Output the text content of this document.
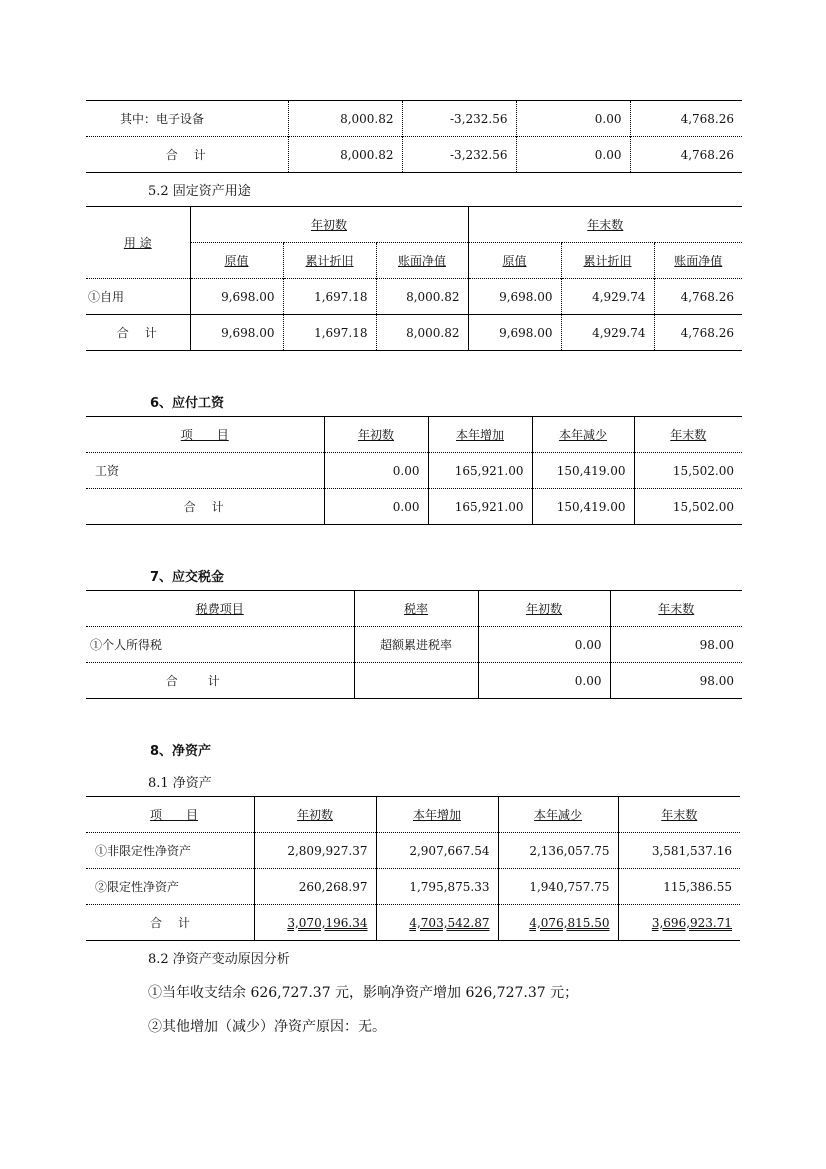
其中：电子设备	8,000.82	-3,232.56	0.00	4,768.26
合　计	8,000.82	-3,232.56	0.00	4,768.26
5.2 固定资产用途
用 途	年初数			年末数		
	原值	累计折旧	账面净值	原值	累计折旧	账面净值
①自用	9,698.00	1,697.18	8,000.82	9,698.00	4,929.74	4,768.26
合　计	9,698.00	1,697.18	8,000.82	9,698.00	4,929.74	4,768.26
6、应付工资
项　　目	年初数	本年增加	本年减少	年末数
工资	0.00	165,921.00	150,419.00	15,502.00
合　计	0.00	165,921.00	150,419.00	15,502.00
7、应交税金
税费项目	税率	年初数	年末数
①个人所得税	超额累进税率	0.00	98.00
合　　计		0.00	98.00
8、净资产
8.1 净资产
项　　目	年初数	本年增加	本年减少	年末数
①非限定性净资产	2,809,927.37	2,907,667.54	2,136,057.75	3,581,537.16
②限定性净资产	260,268.97	1,795,875.33	1,940,757.75	115,386.55
合　计	3,070,196.34	4,703,542.87	4,076,815.50	3,696,923.71
8.2 净资产变动原因分析
①当年收支结余 626,727.37 元，影响净资产增加 626,727.37 元；
②其他增加（减少）净资产原因：无。
